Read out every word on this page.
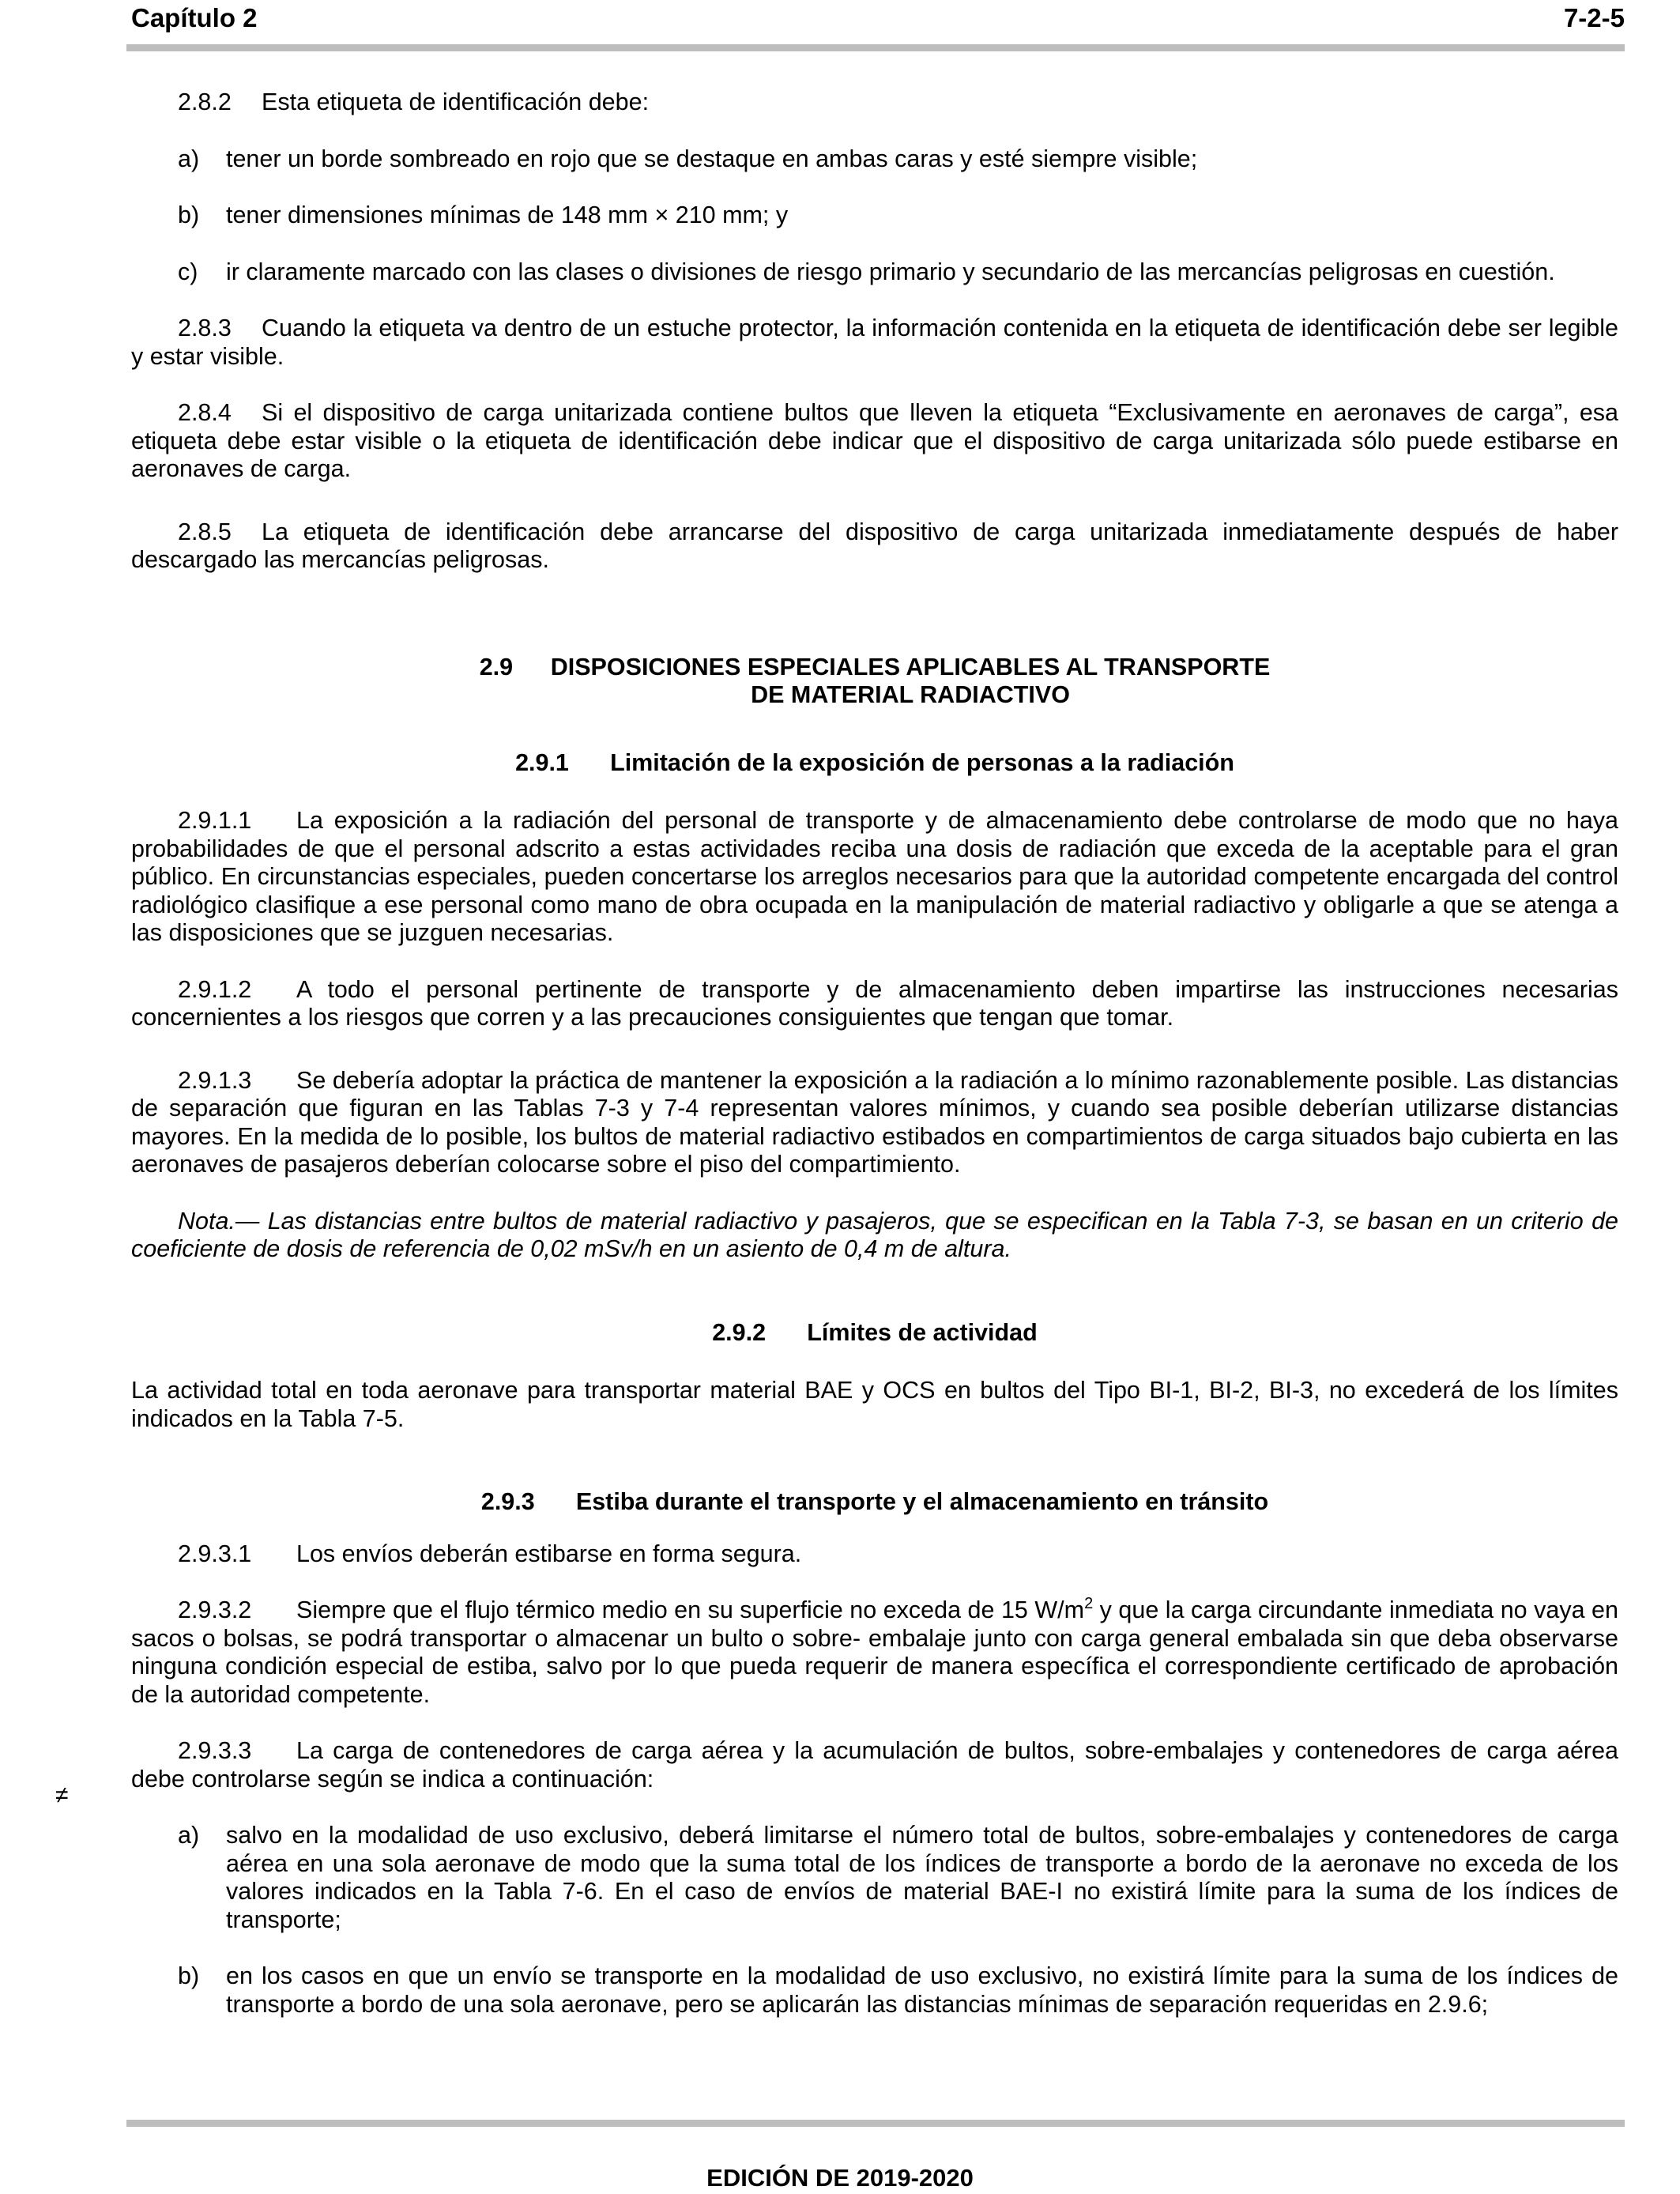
Capítulo 2	7-2-5

2.8.2 Esta etiqueta de identificación debe:

a) tener un borde sombreado en rojo que se destaque en ambas caras y esté siempre visible;

b) tener dimensiones mínimas de 148 mm × 210 mm; y

c) ir claramente marcado con las clases o divisiones de riesgo primario y secundario de las mercancías peligrosas en cuestión.

2.8.3 Cuando la etiqueta va dentro de un estuche protector, la información contenida en la etiqueta de identificación debe ser legible y estar visible.

2.8.4 Si el dispositivo de carga unitarizada contiene bultos que lleven la etiqueta “Exclusivamente en aeronaves de carga”, esa etiqueta debe estar visible o la etiqueta de identificación debe indicar que el dispositivo de carga unitarizada sólo puede estibarse en aeronaves de carga.

2.8.5 La etiqueta de identificación debe arrancarse del dispositivo de carga unitarizada inmediatamente después de haber descargado las mercancías peligrosas.

2.9 DISPOSICIONES ESPECIALES APLICABLES AL TRANSPORTE

DE MATERIAL RADIACTIVO

2.9.1 Limitación de la exposición de personas a la radiación

2.9.1.1 La exposición a la radiación del personal de transporte y de almacenamiento debe controlarse de modo que no haya probabilidades de que el personal adscrito a estas actividades reciba una dosis de radiación que exceda de la aceptable para el gran público. En circunstancias especiales, pueden concertarse los arreglos necesarios para que la autoridad competente encargada del control radiológico clasifique a ese personal como mano de obra ocupada en la manipulación de material radiactivo y obligarle a que se atenga a las disposiciones que se juzguen necesarias.

2.9.1.2 A todo el personal pertinente de transporte y de almacenamiento deben impartirse las instrucciones necesarias concernientes a los riesgos que corren y a las precauciones consiguientes que tengan que tomar.

2.9.1.3 Se debería adoptar la práctica de mantener la exposición a la radiación a lo mínimo razonablemente posible. Las distancias de separación que figuran en las Tablas 7-3 y 7-4 representan valores mínimos, y cuando sea posible deberían utilizarse distancias mayores. En la medida de lo posible, los bultos de material radiactivo estibados en compartimientos de carga situados bajo cubierta en las aeronaves de pasajeros deberían colocarse sobre el piso del compartimiento.

Nota.— Las distancias entre bultos de material radiactivo y pasajeros, que se especifican en la Tabla 7-3, se basan en un criterio de coeficiente de dosis de referencia de 0,02 mSv/h en un asiento de 0,4 m de altura.

2.9.2 Límites de actividad

La actividad total en toda aeronave para transportar material BAE y OCS en bultos del Tipo BI-1, BI-2, BI-3, no excederá de los límites indicados en la Tabla 7-5.

2.9.3 Estiba durante el transporte y el almacenamiento en tránsito

2.9.3.1 Los envíos deberán estibarse en forma segura.

2.9.3.2 Siempre que el flujo térmico medio en su superficie no exceda de 15 $W/m^2$ y que la carga circundante inmediata no vaya en sacos o bolsas, se podrá transportar o almacenar un bulto o sobre- embalaje junto con carga general embalada sin que deba observarse ninguna condición especial de estiba, salvo por lo que pueda requerir de manera específica el correspondiente certificado de aprobación de la autoridad competente.

2.9.3.3 La carga de contenedores de carga aérea y la acumulación de bultos, sobre-embalajes y contenedores de carga aérea debe controlarse según se indica a continuación:

a) salvo en la modalidad de uso exclusivo, deberá limitarse el número total de bultos, sobre-embalajes y contenedores de carga aérea en una sola aeronave de modo que la suma total de los índices de transporte a bordo de la aeronave no exceda de los valores indicados en la Tabla 7-6. En el caso de envíos de material BAE-I no existirá límite para la suma de los índices de transporte;

b) en los casos en que un envío se transporte en la modalidad de uso exclusivo, no existirá límite para la suma de los índices de transporte a bordo de una sola aeronave, pero se aplicarán las distancias mínimas de separación requeridas en 2.9.6;

≠
EDICIÓN DE 2019-2020
